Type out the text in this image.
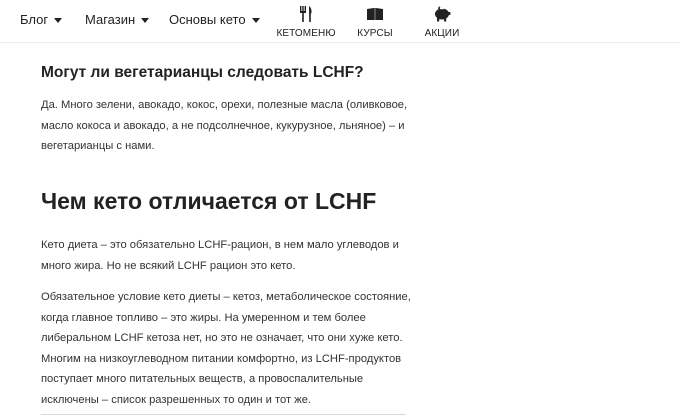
Блог	Магазин	Основы кето
КЕТОМЕНЮ КУРСЫ	АКЦИИ
Могут ли вегетарианцы следовать LCHF?

Да. Много зелени, авокадо, кокос, орехи, полезные масла (оливковое,
масло кокоса и авокадо, а не подсолнечное, кукурузное, льняное) – и
вегетарианцы с нами.

Чем кето отличается от LCHF

Кето диета – это обязательно LCHF-рацион, в нем мало углеводов и
много жира. Но не всякий LCHF рацион это кето.

Обязательное условие кето диеты – кетоз, метаболическое состояние,
когда главное топливо – это жиры. На умеренном и тем более
либеральном LCHF кетоза нет, но это не означает, что они хуже кето.
Многим на низкоуглеводном питании комфортно, из LCHF-продуктов
поступает много питательных веществ, а провоспалительные
исключены – список разрешенных то один и тот же.
